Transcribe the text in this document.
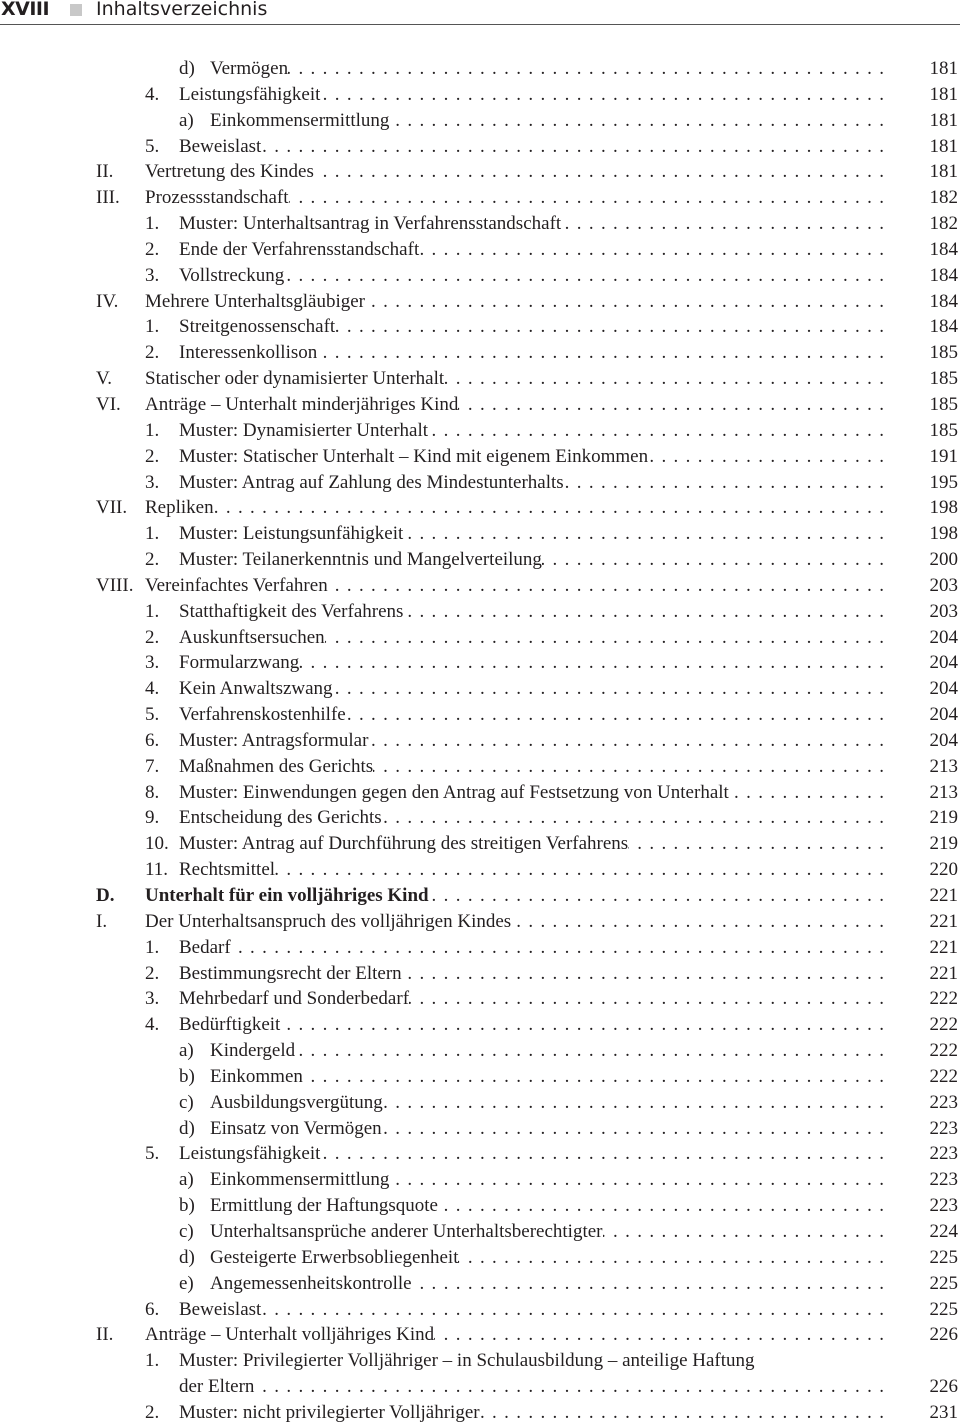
XVIII Inhaltsverzeichnis
d) Vermögen . . .	181
4.	Leistungsfähigkeit . . .	181
a) Einkommensermittlung . . .	181
5.	Beweislast . . .	181
II.	Vertretung des Kindes . . .	181
III.	Prozessstandschaft . . .	182
1.	Muster: Unterhaltsantrag in Verfahrensstandschaft . . .	182
2.	Ende der Verfahrensstandschaft . . .	184
3.	Vollstreckung . . .	184
IV.	Mehrere Unterhaltsgläubiger . . .	184
1.	Streitgenossenschaft . . .	184
2.	Interessenkollison . . .	185
V.	Statischer oder dynamisierter Unterhalt . . .	185
VI.	Anträge – Unterhalt minderjähriges Kind . . .	185
1.	Muster: Dynamisierter Unterhalt . . .	185
2.	Muster: Statischer Unterhalt – Kind mit eigenem Einkommen . . .	191
3.	Muster: Antrag auf Zahlung des Mindestunterhalts . . .	195
VII. Repliken . . .	198
1.	Muster: Leistungsunfähigkeit . . .	198
2.	Muster: Teilanerkenntnis und Mangelverteilung . . .	200
VIII. Vereinfachtes Verfahren . . .	203
1.	Statthaftigkeit des Verfahrens . . .	203
2.	Auskunftsersuchen . . .	204
3.	Formularzwang . . .	204
4.	Kein Anwaltszwang . . .	204
5.	Verfahrenskostenhilfe . . .	204
6.	Muster: Antragsformular . . .	204
7.	Maßnahmen des Gerichts . . .	213
8.	Muster: Einwendungen gegen den Antrag auf Festsetzung von Unterhalt . . .	213
9.	Entscheidung des Gerichts . . .	219
10. Muster: Antrag auf Durchführung des streitigen Verfahrens . . .	219
11. Rechtsmittel . . .	220
D.	Unterhalt für ein volljähriges Kind . . .	221
I.	Der Unterhaltsanspruch des volljährigen Kindes . . .	221
1.	Bedarf . . .	221
2.	Bestimmungsrecht der Eltern . . .	221
3.	Mehrbedarf und Sonderbedarf . . .	222
4.	Bedürftigkeit . . .	222
a) Kindergeld . . .	222
b) Einkommen . . .	222
c) Ausbildungsvergütung . . .	223
d) Einsatz von Vermögen . . .	223
5.	Leistungsfähigkeit . . .	223
a) Einkommensermittlung . . .	223
b) Ermittlung der Haftungsquote . . .	223
c) Unterhaltsansprüche anderer Unterhaltsberechtigter . . .	224
d) Gesteigerte Erwerbsobliegenheit . . .	225
e) Angemessenheitskontrolle . . .	225
6.	Beweislast . . .	225
II.	Anträge – Unterhalt volljähriges Kind . . .	226
1.	Muster: Privilegierter Volljähriger – in Schulausbildung – anteilige Haftung
der Eltern . . .	226
2.	Muster: nicht privilegierter Volljähriger . . .	231
